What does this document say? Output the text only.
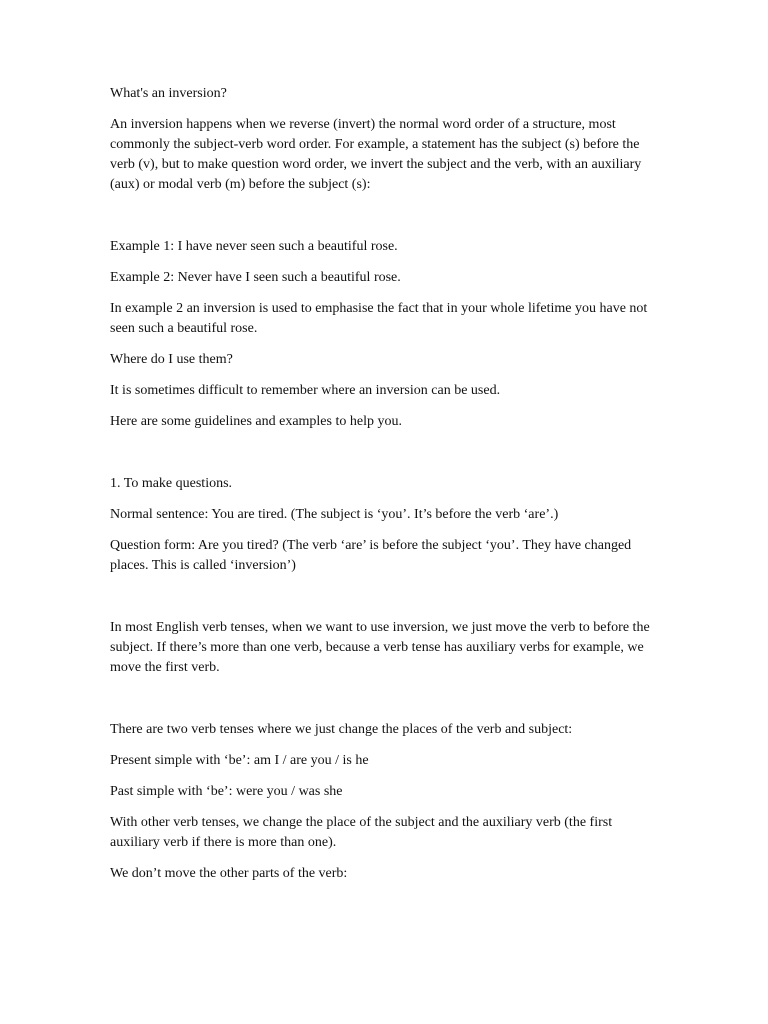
What's an inversion?

An inversion happens when we reverse (invert) the normal word order of a structure, most commonly the subject-verb word order. For example, a statement has the subject (s) before the verb (v), but to make question word order, we invert the subject and the verb, with an auxiliary (aux) or modal verb (m) before the subject (s):

Example 1: I have never seen such a beautiful rose.

Example 2: Never have I seen such a beautiful rose.

In example 2 an inversion is used to emphasise the fact that in your whole lifetime you have not seen such a beautiful rose.

Where do I use them?

It is sometimes difficult to remember where an inversion can be used.

Here are some guidelines and examples to help you.

1. To make questions.

Normal sentence: You are tired. (The subject is ‘you’. It’s before the verb ‘are’.)

Question form: Are you tired? (The verb ‘are’ is before the subject ‘you’. They have changed places. This is called ‘inversion’)

In most English verb tenses, when we want to use inversion, we just move the verb to before the subject. If there’s more than one verb, because a verb tense has auxiliary verbs for example, we move the first verb.

There are two verb tenses where we just change the places of the verb and subject:

Present simple with ‘be’: am I / are you / is he

Past simple with ‘be’: were you / was she

With other verb tenses, we change the place of the subject and the auxiliary verb (the first auxiliary verb if there is more than one).

We don’t move the other parts of the verb:
